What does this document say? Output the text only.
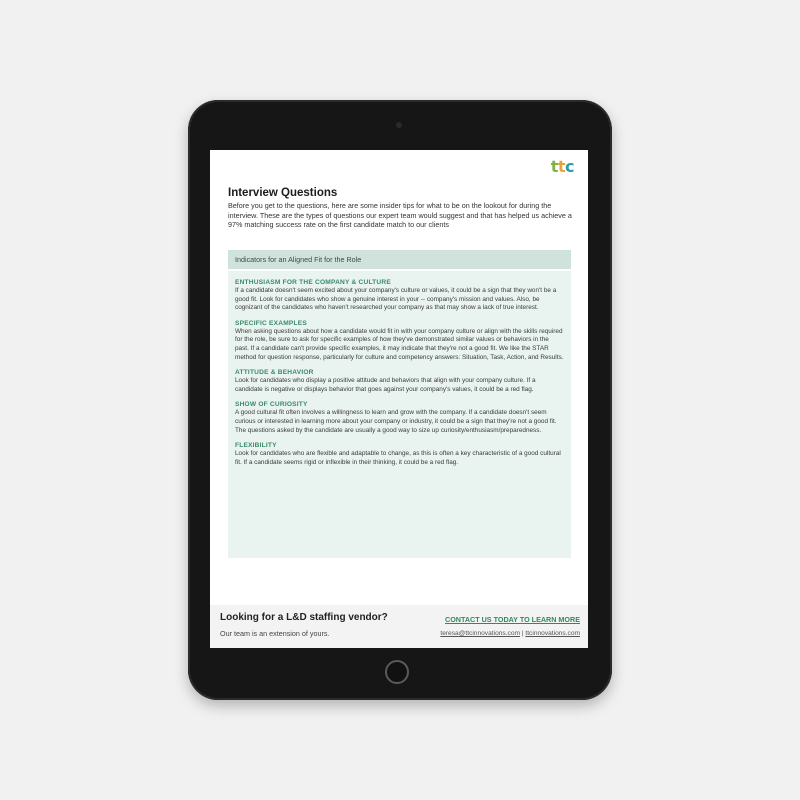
ttc
Interview Questions
Before you get to the questions, here are some insider tips for what to be on the lookout for during the interview. These are the types of questions our expert team would suggest and that has helped us achieve a 97% matching success rate on the first candidate match to our clients
Indicators for an Aligned Fit for the Role
ENTHUSIASM FOR THE COMPANY & CULTURE
If a candidate doesn't seem excited about your company's culture or values, it could be a sign that they won't be a good fit. Look for candidates who show a genuine interest in your -- company's mission and values. Also, be cognizant of the candidates who haven't researched your company as that may show a lack of true interest.
SPECIFIC EXAMPLES
When asking questions about how a candidate would fit in with your company culture or align with the skills required for the role, be sure to ask for specific examples of how they've demonstrated similar values or behaviors in the past. If a candidate can't provide specific examples, it may indicate that they're not a good fit. We like the STAR method for question response, particularly for culture and competency answers: Situation, Task, Action, and Results.
ATTITUDE & BEHAVIOR
Look for candidates who display a positive attitude and behaviors that align with your company culture. If a candidate is negative or displays behavior that goes against your company's values, it could be a red flag.
SHOW OF CURIOSITY
A good cultural fit often involves a willingness to learn and grow with the company. If a candidate doesn't seem curious or interested in learning more about your company or industry, it could be a sign that they're not a good fit. The questions asked by the candidate are usually a good way to size up curiosity/enthusiasm/preparedness.
FLEXIBILITY
Look for candidates who are flexible and adaptable to change, as this is often a key characteristic of a good cultural fit. If a candidate seems rigid or inflexible in their thinking, it could be a red flag.
Looking for a L&D staffing vendor?
Our team is an extension of yours.
CONTACT US TODAY TO LEARN MORE
teresa@ttcinnovations.com | ttcinnovations.com
